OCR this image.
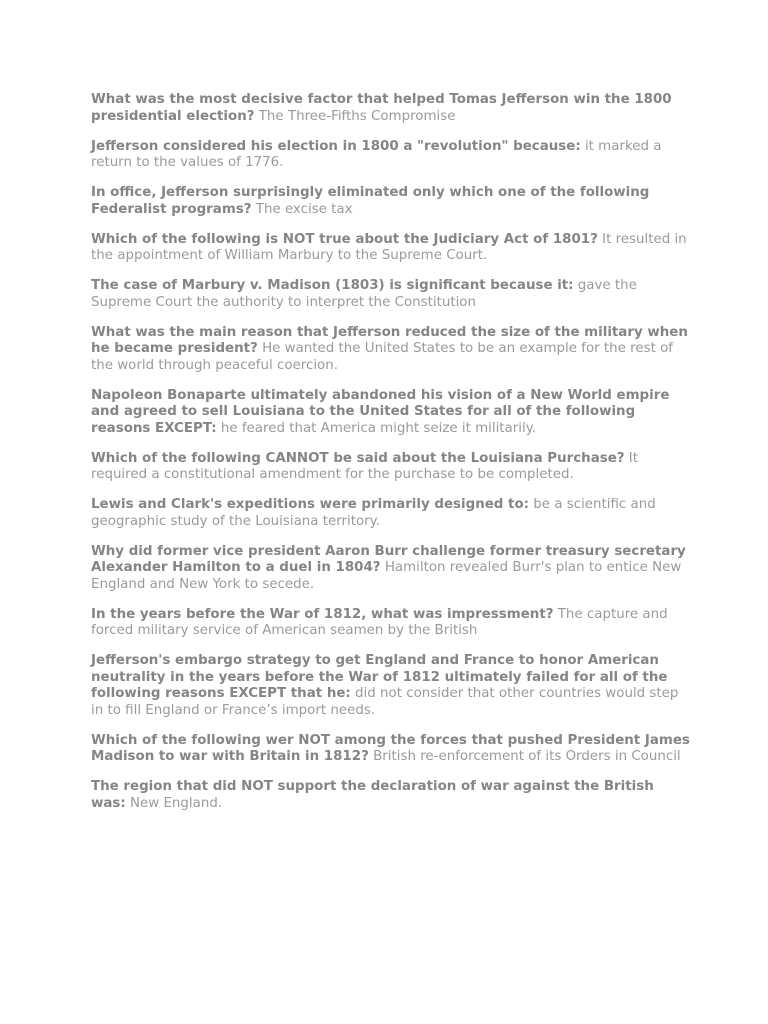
What was the most decisive factor that helped Tomas Jefferson win the 1800 presidential election? The Three-Fifths Compromise

Jefferson considered his election in 1800 a "revolution" because: it marked a return to the values of 1776.

In office, Jefferson surprisingly eliminated only which one of the following Federalist programs? The excise tax

Which of the following is NOT true about the Judiciary Act of 1801? It resulted in the appointment of William Marbury to the Supreme Court.

The case of Marbury v. Madison (1803) is significant because it: gave the Supreme Court the authority to interpret the Constitution

What was the main reason that Jefferson reduced the size of the military when he became president? He wanted the United States to be an example for the rest of the world through peaceful coercion.

Napoleon Bonaparte ultimately abandoned his vision of a New World empire and agreed to sell Louisiana to the United States for all of the following reasons EXCEPT: he feared that America might seize it militarily.

Which of the following CANNOT be said about the Louisiana Purchase? It required a constitutional amendment for the purchase to be completed.

Lewis and Clark's expeditions were primarily designed to: be a scientific and geographic study of the Louisiana territory.

Why did former vice president Aaron Burr challenge former treasury secretary Alexander Hamilton to a duel in 1804? Hamilton revealed Burr's plan to entice New England and New York to secede.

In the years before the War of 1812, what was impressment? The capture and forced military service of American seamen by the British

Jefferson's embargo strategy to get England and France to honor American neutrality in the years before the War of 1812 ultimately failed for all of the following reasons EXCEPT that he: did not consider that other countries would step in to fill England or France’s import needs.

Which of the following wer NOT among the forces that pushed President James Madison to war with Britain in 1812? British re-enforcement of its Orders in Council

The region that did NOT support the declaration of war against the British was: New England.
